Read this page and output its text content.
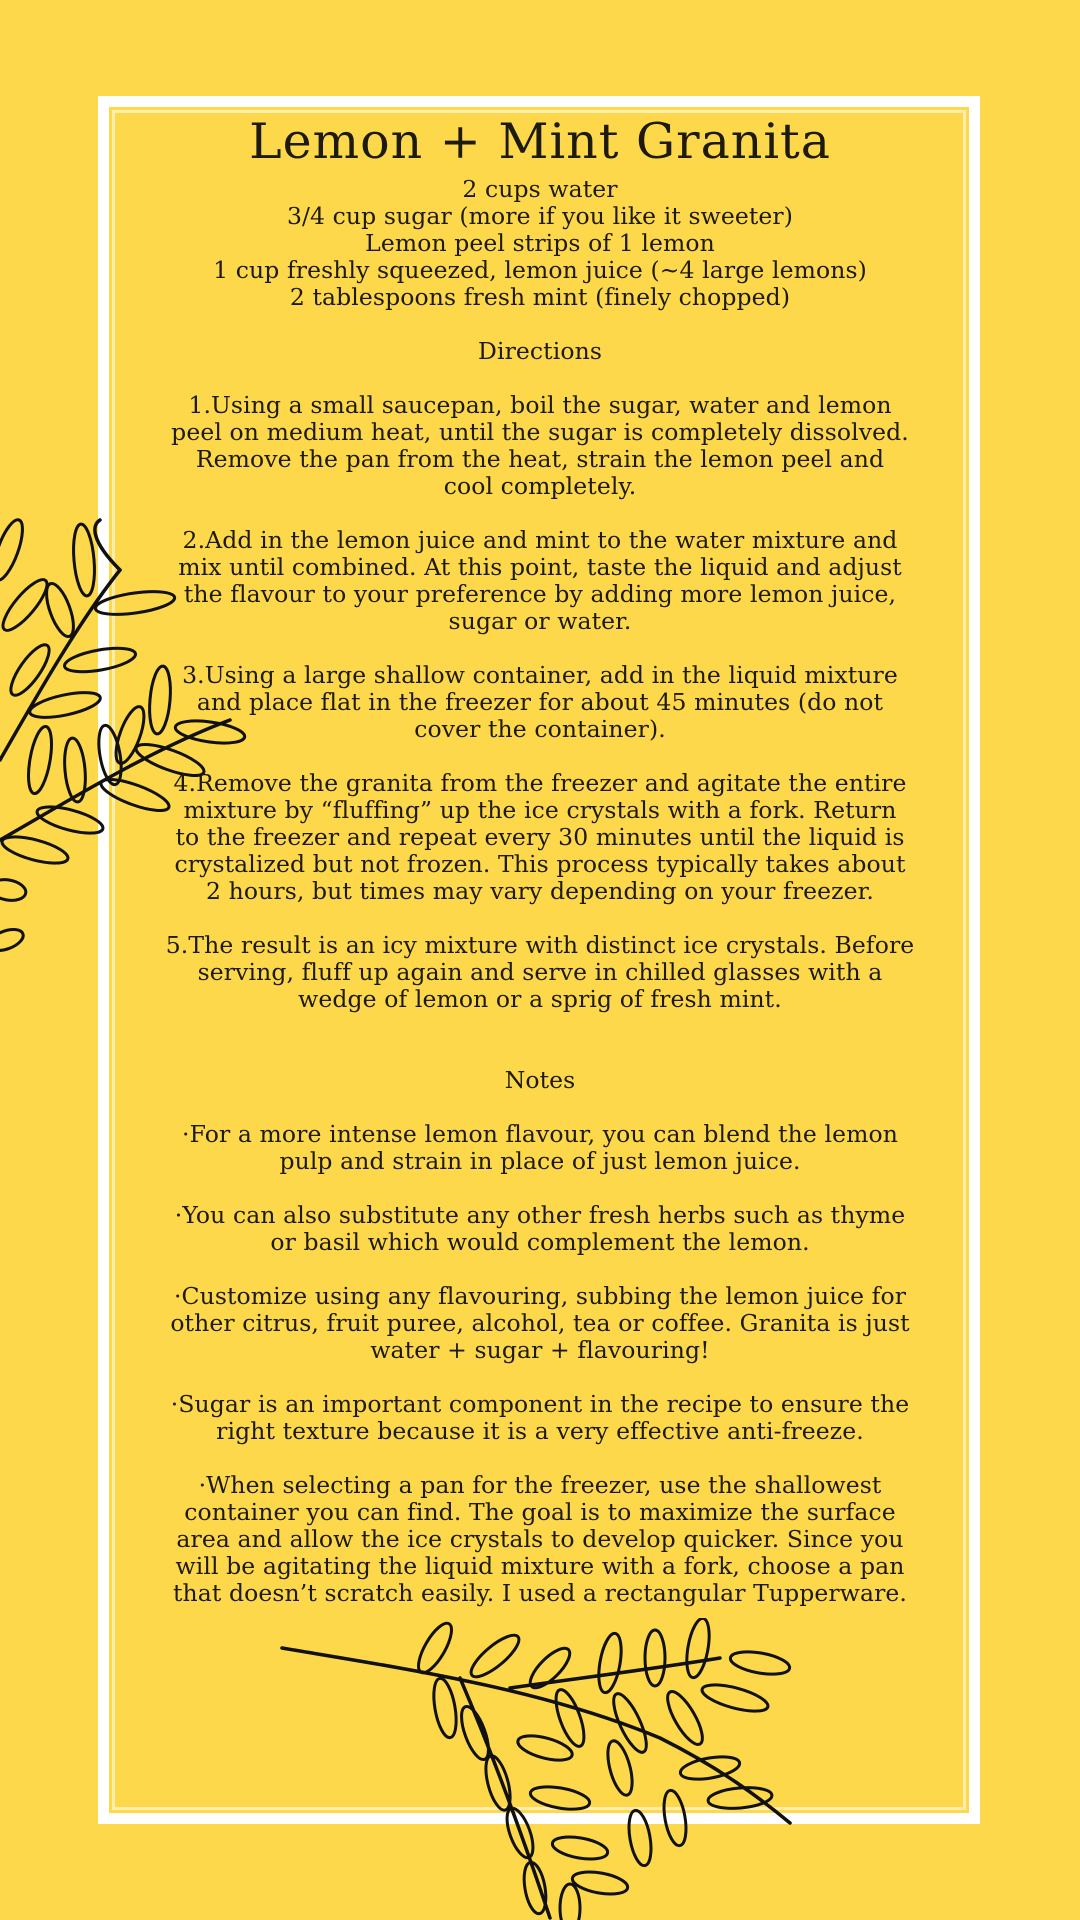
Lemon + Mint Granita
2 cups water
3/4 cup sugar (more if you like it sweeter)
Lemon peel strips of 1 lemon
1 cup freshly squeezed, lemon juice (~4 large lemons)
2 tablespoons fresh mint (finely chopped)
Directions
1.Using a small saucepan, boil the sugar, water and lemon
peel on medium heat, until the sugar is completely dissolved.
Remove the pan from the heat, strain the lemon peel and
cool completely.
2.Add in the lemon juice and mint to the water mixture and
mix until combined. At this point, taste the liquid and adjust
the flavour to your preference by adding more lemon juice,
sugar or water.
3.Using a large shallow container, add in the liquid mixture
and place flat in the freezer for about 45 minutes (do not
cover the container).
4.Remove the granita from the freezer and agitate the entire
mixture by “fluffing” up the ice crystals with a fork. Return
to the freezer and repeat every 30 minutes until the liquid is
crystalized but not frozen. This process typically takes about
2 hours, but times may vary depending on your freezer.
5.The result is an icy mixture with distinct ice crystals. Before
serving, fluff up again and serve in chilled glasses with a
wedge of lemon or a sprig of fresh mint.
Notes
·For a more intense lemon flavour, you can blend the lemon
pulp and strain in place of just lemon juice.
·You can also substitute any other fresh herbs such as thyme
or basil which would complement the lemon.
·Customize using any flavouring, subbing the lemon juice for
other citrus, fruit puree, alcohol, tea or coffee. Granita is just
water + sugar + flavouring!
·Sugar is an important component in the recipe to ensure the
right texture because it is a very effective anti-freeze.
·When selecting a pan for the freezer, use the shallowest
container you can find. The goal is to maximize the surface
area and allow the ice crystals to develop quicker. Since you
will be agitating the liquid mixture with a fork, choose a pan
that doesn’t scratch easily. I used a rectangular Tupperware.
